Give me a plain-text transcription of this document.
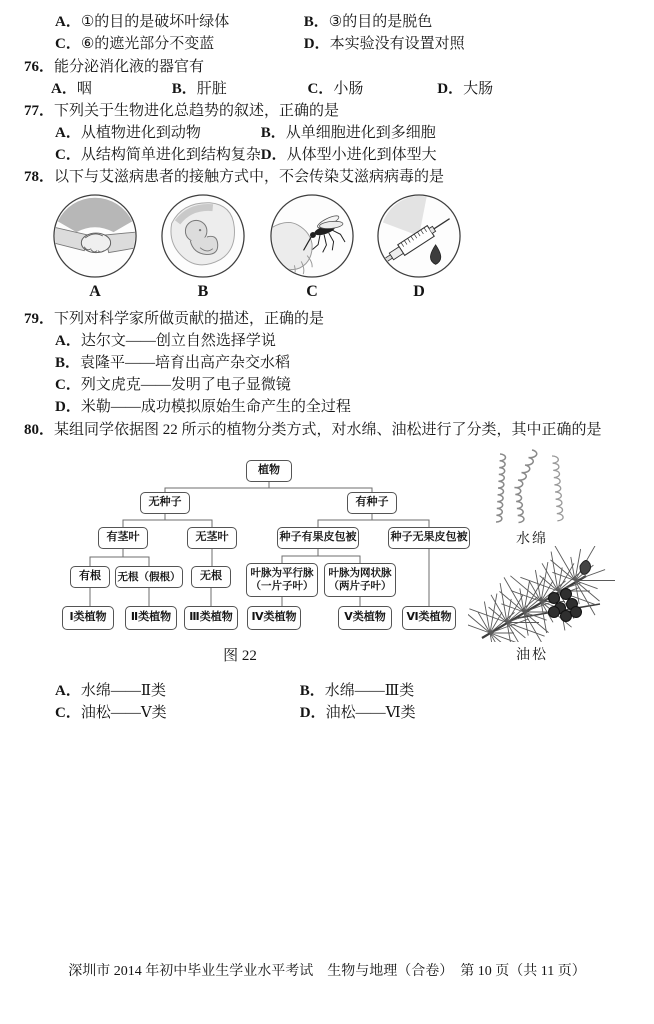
A．①的目的是破坏叶绿体	B．③的目的是脱色
C．⑥的遮光部分不变蓝	D．本实验没有设置对照
76．能分泌消化液的器官有
A．咽	B．肝脏	C．小肠	D．大肠
77．下列关于生物进化总趋势的叙述，正确的是
A．从植物进化到动物	B．从单细胞进化到多细胞
C．从结构简单进化到结构复杂 D．从体型小进化到体型大
78．以下与艾滋病患者的接触方式中，不会传染艾滋病病毒的是
A	B	C	D
79．下列对科学家所做贡献的描述，正确的是
A．达尔文——创立自然选择学说
B．袁隆平——培育出高产杂交水稻
C．列文虎克——发明了电子显微镜
D．米勒——成功模拟原始生命产生的全过程
80．某组同学依据图 22 所示的植物分类方式，对水绵、油松进行了分类，其中正确的是
植物
无种子	有种子
有茎叶	无茎叶	种子有果皮包被	种子无果皮包被
有根 无根（假根） 无根	叶脉为平行脉
（一片子叶）
叶脉为网状脉
（两片子叶）
Ⅰ类植物 Ⅱ类植物 Ⅲ类植物 Ⅳ类植物	Ⅴ类植物 Ⅵ类植物
图 22
水绵
油松
A．水绵——Ⅱ类	B．水绵——Ⅲ类
C．油松——Ⅴ类	D．油松——Ⅵ类
深圳市 2014 年初中毕业生学业水平考试　生物与地理（合卷）　第 10 页（共 11 页）
